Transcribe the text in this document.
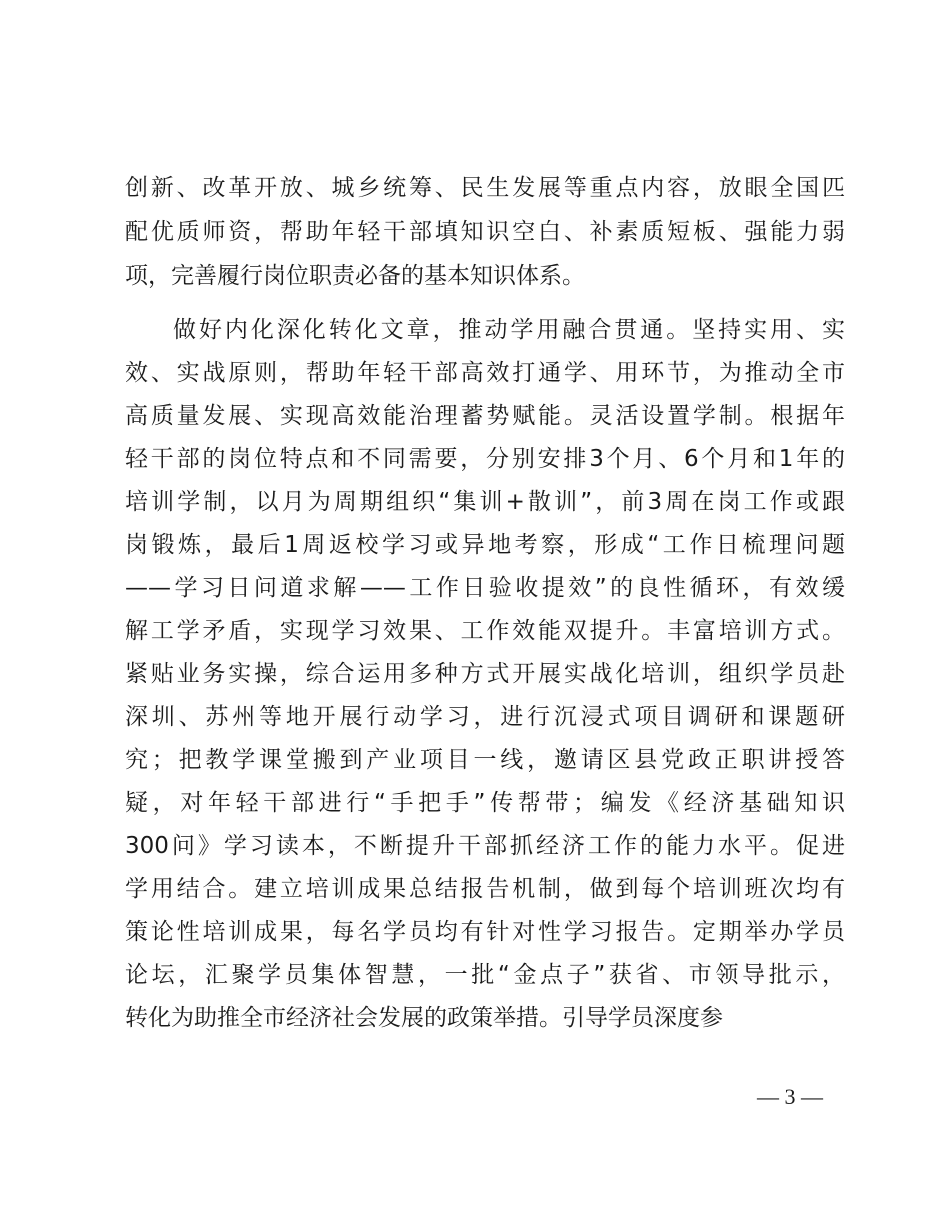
创新、改革开放、城乡统筹、民生发展等重点内容，放眼全国匹
配优质师资，帮助年轻干部填知识空白、补素质短板、强能力弱
项，完善履行岗位职责必备的基本知识体系。
做好内化深化转化文章，推动学用融合贯通。坚持实用、实
效、实战原则，帮助年轻干部高效打通学、用环节，为推动全市
高质量发展、实现高效能治理蓄势赋能。灵活设置学制。根据年
轻干部的岗位特点和不同需要，分别安排3个月、6个月和1年的
培训学制，以月为周期组织“集训+散训”，前3周在岗工作或跟
岗锻炼，最后1周返校学习或异地考察，形成“工作日梳理问题
——学习日问道求解——工作日验收提效”的良性循环，有效缓
解工学矛盾，实现学习效果、工作效能双提升。丰富培训方式。
紧贴业务实操，综合运用多种方式开展实战化培训，组织学员赴
深圳、苏州等地开展行动学习，进行沉浸式项目调研和课题研
究；把教学课堂搬到产业项目一线，邀请区县党政正职讲授答
疑，对年轻干部进行“手把手”传帮带；编发《经济基础知识
300问》学习读本，不断提升干部抓经济工作的能力水平。促进
学用结合。建立培训成果总结报告机制，做到每个培训班次均有
策论性培训成果，每名学员均有针对性学习报告。定期举办学员
论坛，汇聚学员集体智慧，一批“金点子”获省、市领导批示，
转化为助推全市经济社会发展的政策举措。引导学员深度参
— 3 —
